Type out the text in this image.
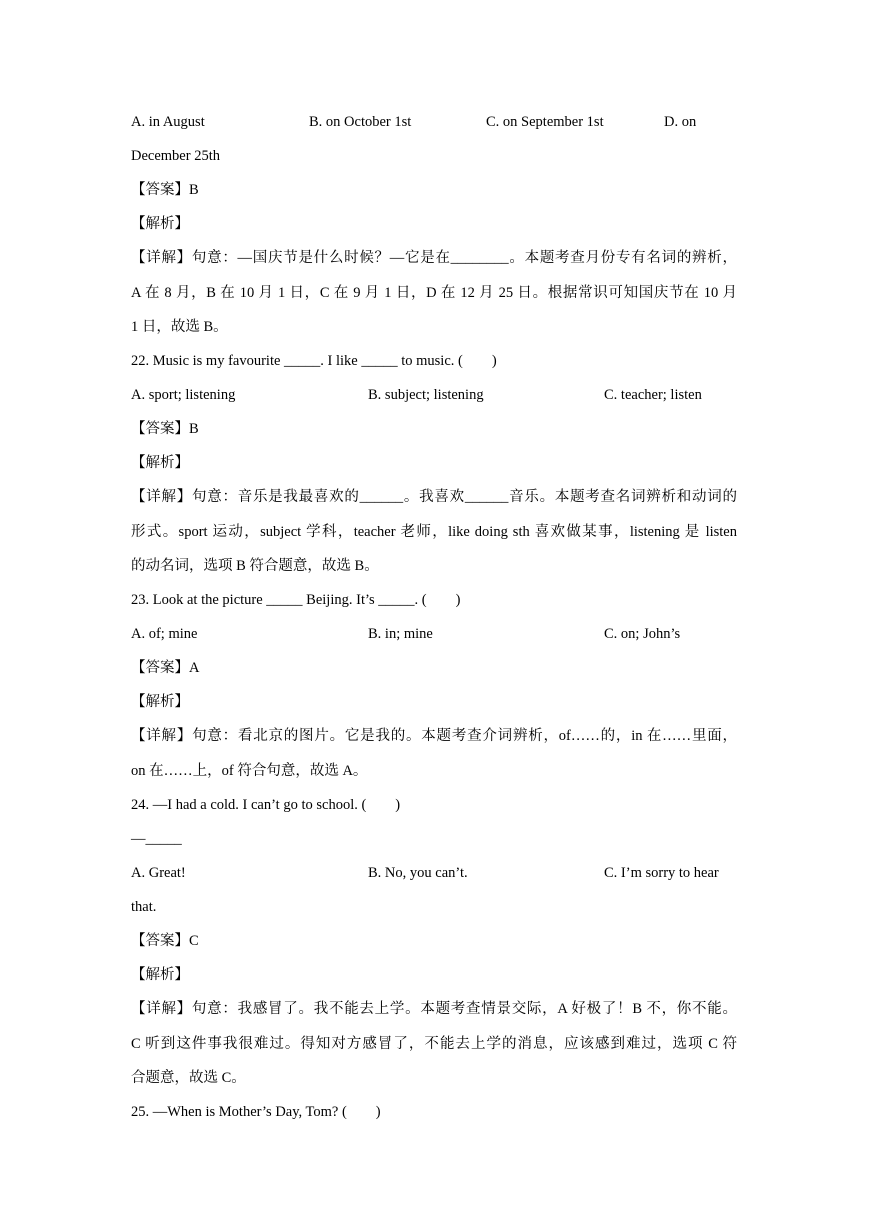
A. in August	B. on October 1st	C. on September 1st	D. on
December 25th
【答案】B
【解析】
【详解】句意：—国庆节是什么时候？—它是在________。本题考查月份专有名词的辨析，
A 在 8 月，B 在 10 月 1 日，C 在 9 月 1 日，D 在 12 月 25 日。根据常识可知国庆节在 10 月
1 日，故选 B。
22. Music is my favourite _____. I like _____ to music. (　　)
A. sport; listening	B. subject; listening	C. teacher; listen
【答案】B
【解析】
【详解】句意：音乐是我最喜欢的______。我喜欢______音乐。本题考查名词辨析和动词的
形式。sport 运动，subject 学科，teacher 老师，like doing sth 喜欢做某事，listening 是 listen
的动名词，选项 B 符合题意，故选 B。
23. Look at the picture _____ Beijing. It’s _____. (　　)
A. of; mine	B. in; mine	C. on; John’s
【答案】A
【解析】
【详解】句意：看北京的图片。它是我的。本题考查介词辨析，of……的，in 在……里面，
on 在……上，of 符合句意，故选 A。
24. —I had a cold. I can’t go to school. (　　)
—_____
A. Great!	B. No, you can’t.	C. I’m sorry to hear
that.
【答案】C
【解析】
【详解】句意：我感冒了。我不能去上学。本题考查情景交际，A 好极了！B 不，你不能。
C 听到这件事我很难过。得知对方感冒了，不能去上学的消息，应该感到难过，选项 C 符
合题意，故选 C。
25. —When is Mother’s Day, Tom? (　　)
